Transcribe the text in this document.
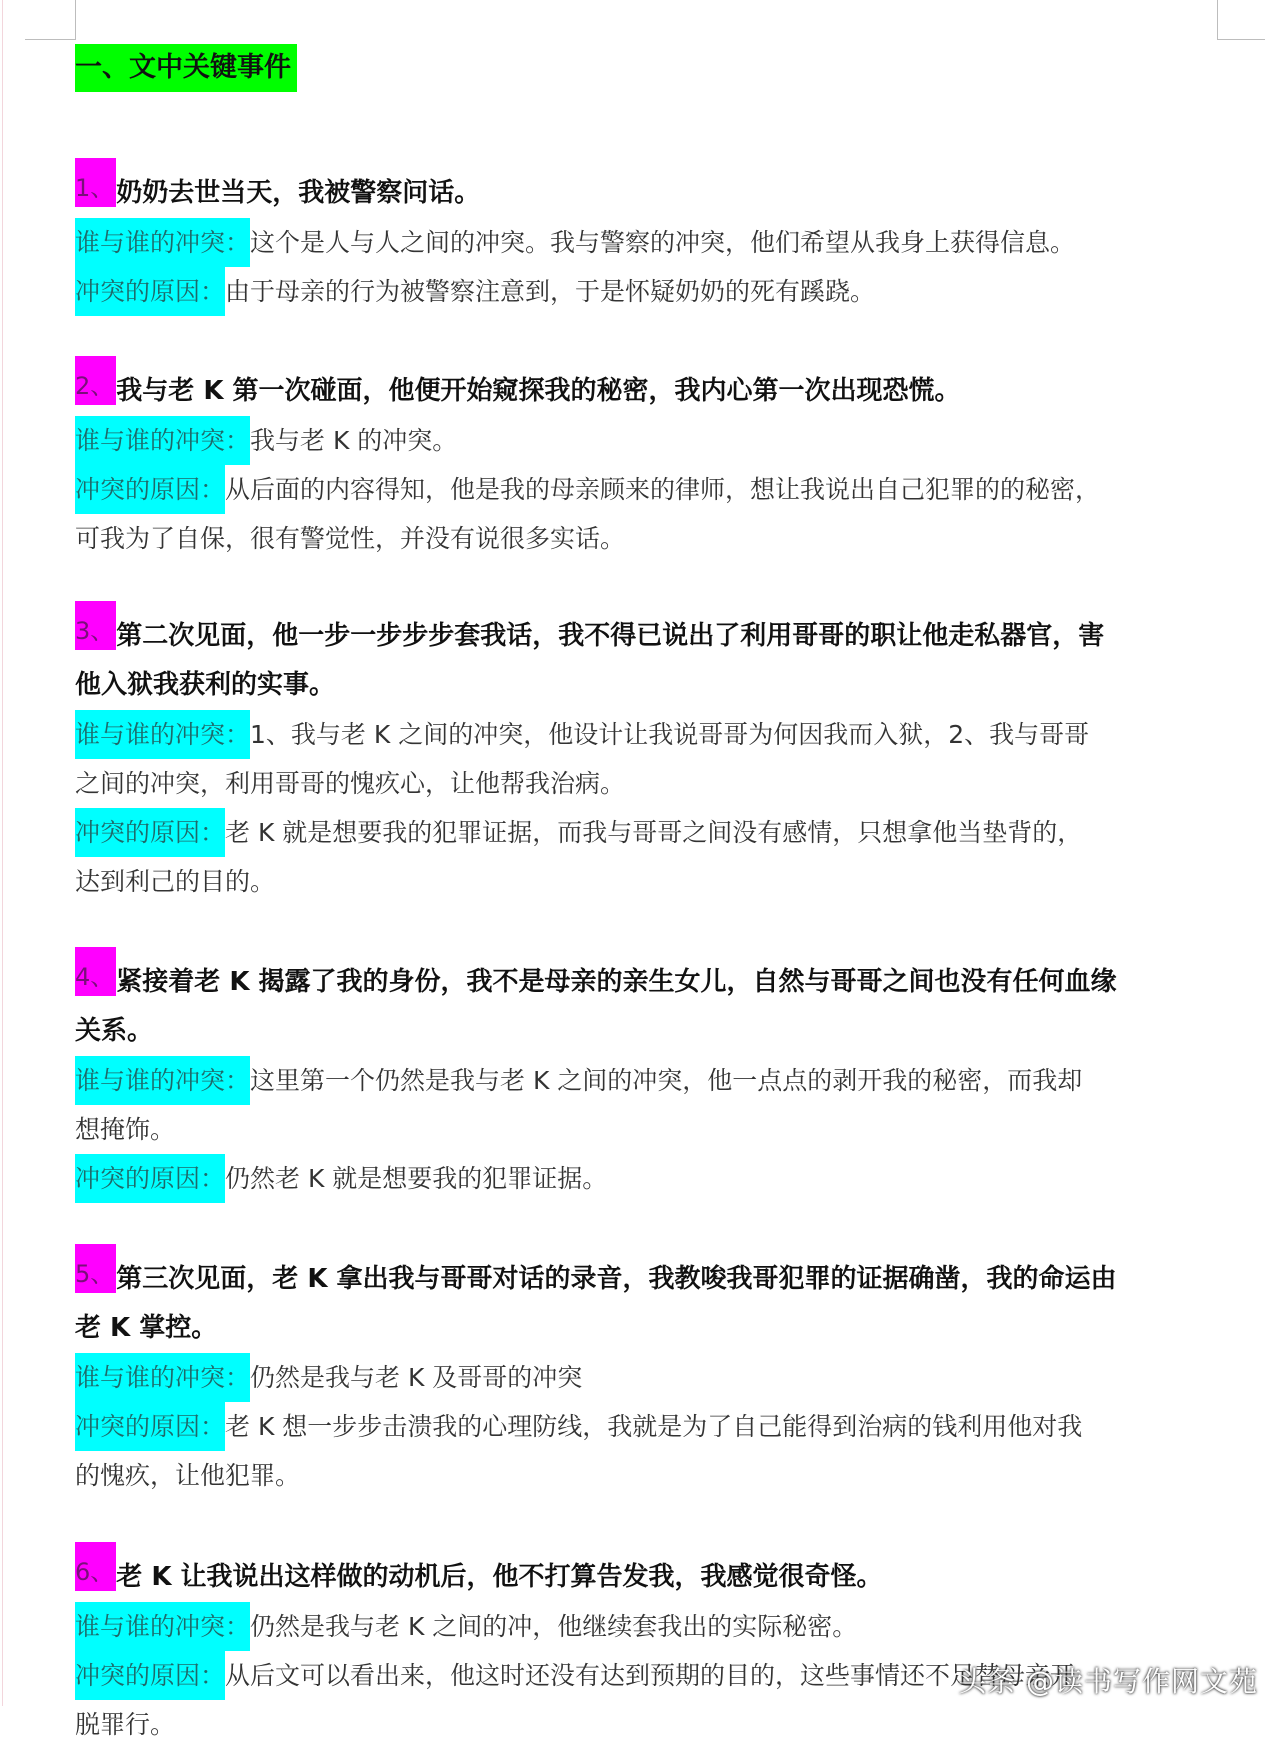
一、文中关键事件
1、奶奶去世当天，我被警察问话。
谁与谁的冲突：这个是人与人之间的冲突。我与警察的冲突，他们希望从我身上获得信息。
冲突的原因：由于母亲的行为被警察注意到，于是怀疑奶奶的死有蹊跷。
2、我与老 K 第一次碰面，他便开始窥探我的秘密，我内心第一次出现恐慌。
谁与谁的冲突：我与老 K 的冲突。
冲突的原因：从后面的内容得知，他是我的母亲顾来的律师，想让我说出自己犯罪的的秘密，
可我为了自保，很有警觉性，并没有说很多实话。
3、第二次见面，他一步一步步步套我话，我不得已说出了利用哥哥的职让他走私器官，害
他入狱我获利的实事。
谁与谁的冲突：1、我与老 K 之间的冲突，他设计让我说哥哥为何因我而入狱，2、我与哥哥
之间的冲突，利用哥哥的愧疚心，让他帮我治病。
冲突的原因：老 K 就是想要我的犯罪证据，而我与哥哥之间没有感情，只想拿他当垫背的，
达到利己的目的。
4、紧接着老 K 揭露了我的身份，我不是母亲的亲生女儿，自然与哥哥之间也没有任何血缘
关系。
谁与谁的冲突：这里第一个仍然是我与老 K 之间的冲突，他一点点的剥开我的秘密，而我却
想掩饰。
冲突的原因：仍然老 K 就是想要我的犯罪证据。
5、第三次见面，老 K 拿出我与哥哥对话的录音，我教唆我哥犯罪的证据确凿，我的命运由
老 K 掌控。
谁与谁的冲突：仍然是我与老 K 及哥哥的冲突
冲突的原因：老 K 想一步步击溃我的心理防线，我就是为了自己能得到治病的钱利用他对我
的愧疚，让他犯罪。
6、老 K 让我说出这样做的动机后，他不打算告发我，我感觉很奇怪。
谁与谁的冲突：仍然是我与老 K 之间的冲，他继续套我出的实际秘密。
冲突的原因：从后文可以看出来，他这时还没有达到预期的目的，这些事情还不足替母亲开
脱罪行。
头条 @读书写作网文苑
